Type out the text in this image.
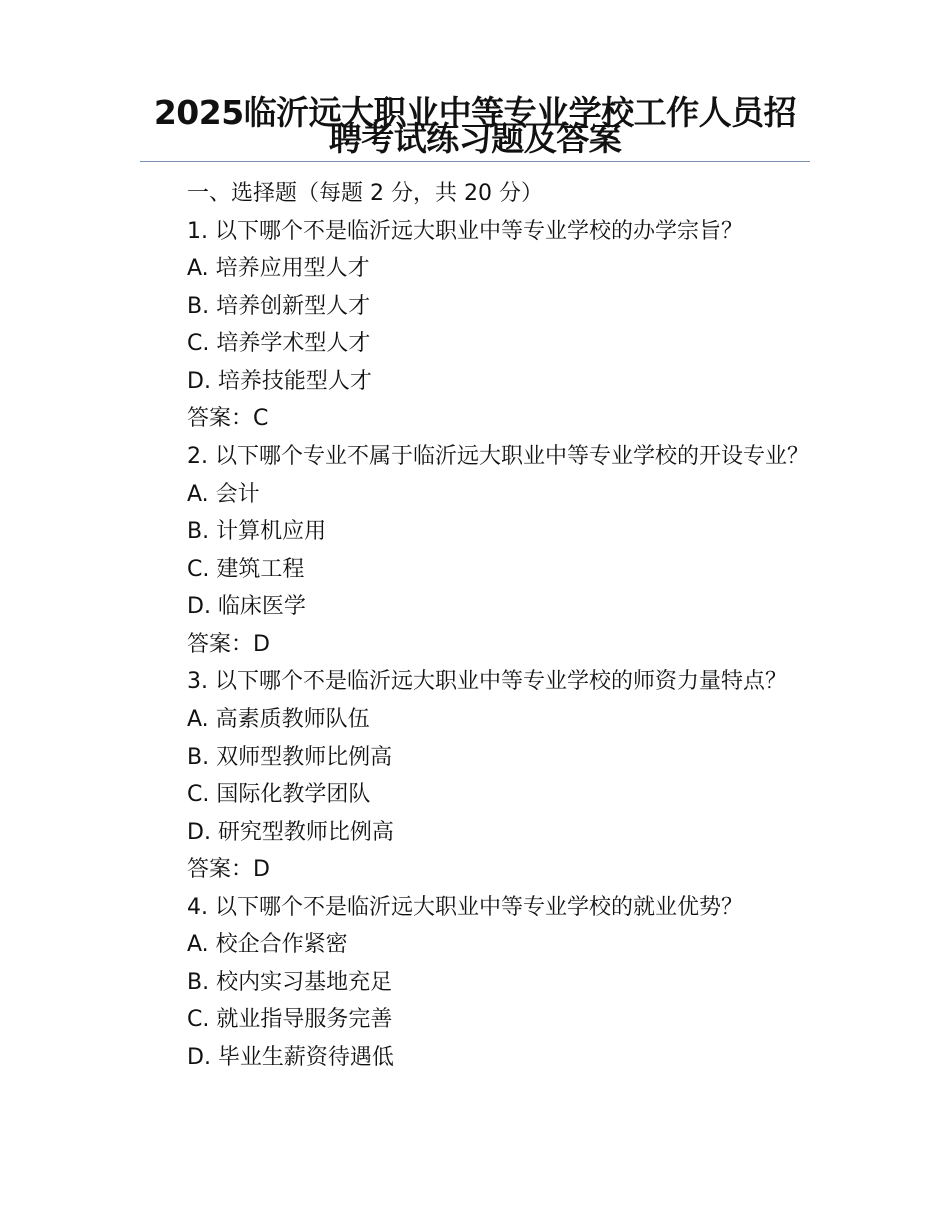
2025临沂远大职业中等专业学校工作人员招聘考试练习题及答案

一、选择题（每题 2 分，共 20 分）

1. 以下哪个不是临沂远大职业中等专业学校的办学宗旨？

A. 培养应用型人才

B. 培养创新型人才

C. 培养学术型人才

D. 培养技能型人才

答案：C

2. 以下哪个专业不属于临沂远大职业中等专业学校的开设专业？

A. 会计

B. 计算机应用

C. 建筑工程

D. 临床医学

答案：D

3. 以下哪个不是临沂远大职业中等专业学校的师资力量特点？

A. 高素质教师队伍

B. 双师型教师比例高

C. 国际化教学团队

D. 研究型教师比例高

答案：D

4. 以下哪个不是临沂远大职业中等专业学校的就业优势？

A. 校企合作紧密

B. 校内实习基地充足

C. 就业指导服务完善

D. 毕业生薪资待遇低
